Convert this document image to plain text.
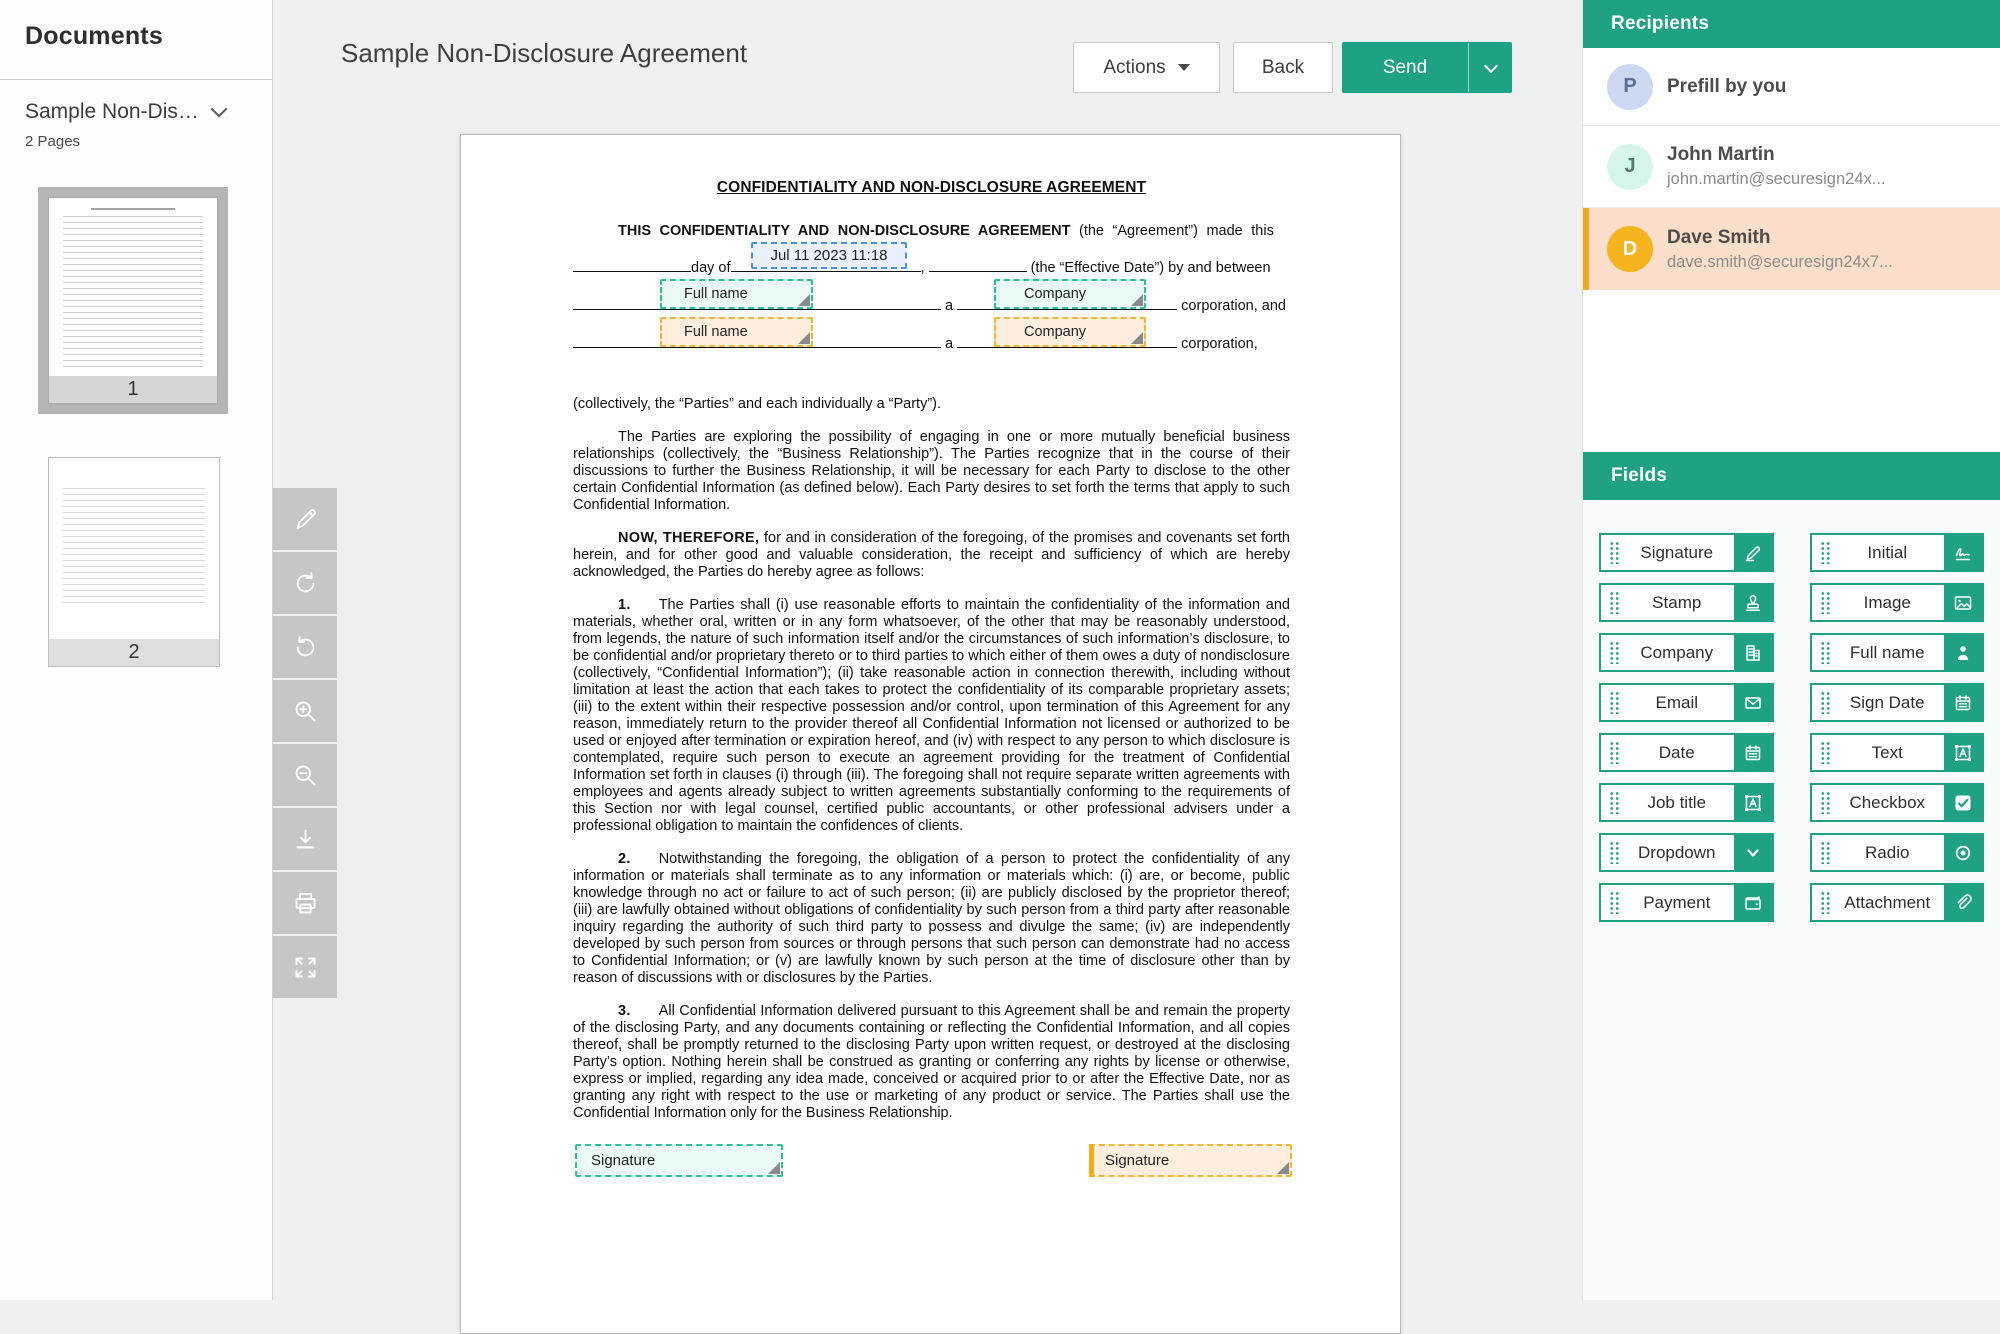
Documents
Sample Non-Dis…
2 Pages
1
2
Sample Non-Disclosure Agreement	Actions	Back	Send
CONFIDENTIALITY AND NON-DISCLOSURE AGREEMENT
THIS CONFIDENTIALITY AND NON-DISCLOSURE AGREEMENT (the “Agreement”) made this
day of	,	(the “Effective Date”) by and between
a	corporation, and
a	corporation,
Jul 11 2023 11:18
Full name	Company
Full name	Company
(collectively, the “Parties” and each individually a “Party”).
The Parties are exploring the possibility of engaging in one or more mutually beneficial business relationships (collectively, the “Business Relationship”). The Parties recognize that in the course of their discussions to further the Business Relationship, it will be necessary for each Party to disclose to the other certain Confidential Information (as defined below). Each Party desires to set forth the terms that apply to such Confidential Information.
NOW, THEREFORE, for and in consideration of the foregoing, of the promises and covenants set forth herein, and for other good and valuable consideration, the receipt and sufficiency of which are hereby acknowledged, the Parties do hereby agree as follows:
1. The Parties shall (i) use reasonable efforts to maintain the confidentiality of the information and materials, whether oral, written or in any form whatsoever, of the other that may be reasonably understood, from legends, the nature of such information itself and/or the circumstances of such information’s disclosure, to be confidential and/or proprietary thereto or to third parties to which either of them owes a duty of nondisclosure (collectively, “Confidential Information”); (ii) take reasonable action in connection therewith, including without limitation at least the action that each takes to protect the confidentiality of its comparable proprietary assets; (iii) to the extent within their respective possession and/or control, upon termination of this Agreement for any reason, immediately return to the provider thereof all Confidential Information not licensed or authorized to be used or enjoyed after termination or expiration hereof, and (iv) with respect to any person to which disclosure is contemplated, require such person to execute an agreement providing for the treatment of Confidential Information set forth in clauses (i) through (iii). The foregoing shall not require separate written agreements with employees and agents already subject to written agreements substantially conforming to the requirements of this Section nor with legal counsel, certified public accountants, or other professional advisers under a professional obligation to maintain the confidences of clients.
2. Notwithstanding the foregoing, the obligation of a person to protect the confidentiality of any information or materials shall terminate as to any information or materials which: (i) are, or become, public knowledge through no act or failure to act of such person; (ii) are publicly disclosed by the proprietor thereof; (iii) are lawfully obtained without obligations of confidentiality by such person from a third party after reasonable inquiry regarding the authority of such third party to possess and divulge the same; (iv) are independently developed by such person from sources or through persons that such person can demonstrate had no access to Confidential Information; or (v) are lawfully known by such person at the time of disclosure other than by reason of discussions with or disclosures by the Parties.
3. All Confidential Information delivered pursuant to this Agreement shall be and remain the property of the disclosing Party, and any documents containing or reflecting the Confidential Information, and all copies thereof, shall be promptly returned to the disclosing Party upon written request, or destroyed at the disclosing Party’s option. Nothing herein shall be construed as granting or conferring any rights by license or otherwise, express or implied, regarding any idea made, conceived or acquired prior to or after the Effective Date, nor as granting any right with respect to the use or marketing of any product or service. The Parties shall use the Confidential Information only for the Business Relationship.
Signature	Signature
Recipients
P	Prefill by you
J
John Martin
john.martin@securesign24x...
D
Dave Smith
dave.smith@securesign24x7...
Fields
Signature	Initial
Stamp	Image
Company	Full name
Email	Sign Date
Date	Text
Job title	Checkbox
Dropdown	Radio
Payment	Attachment
